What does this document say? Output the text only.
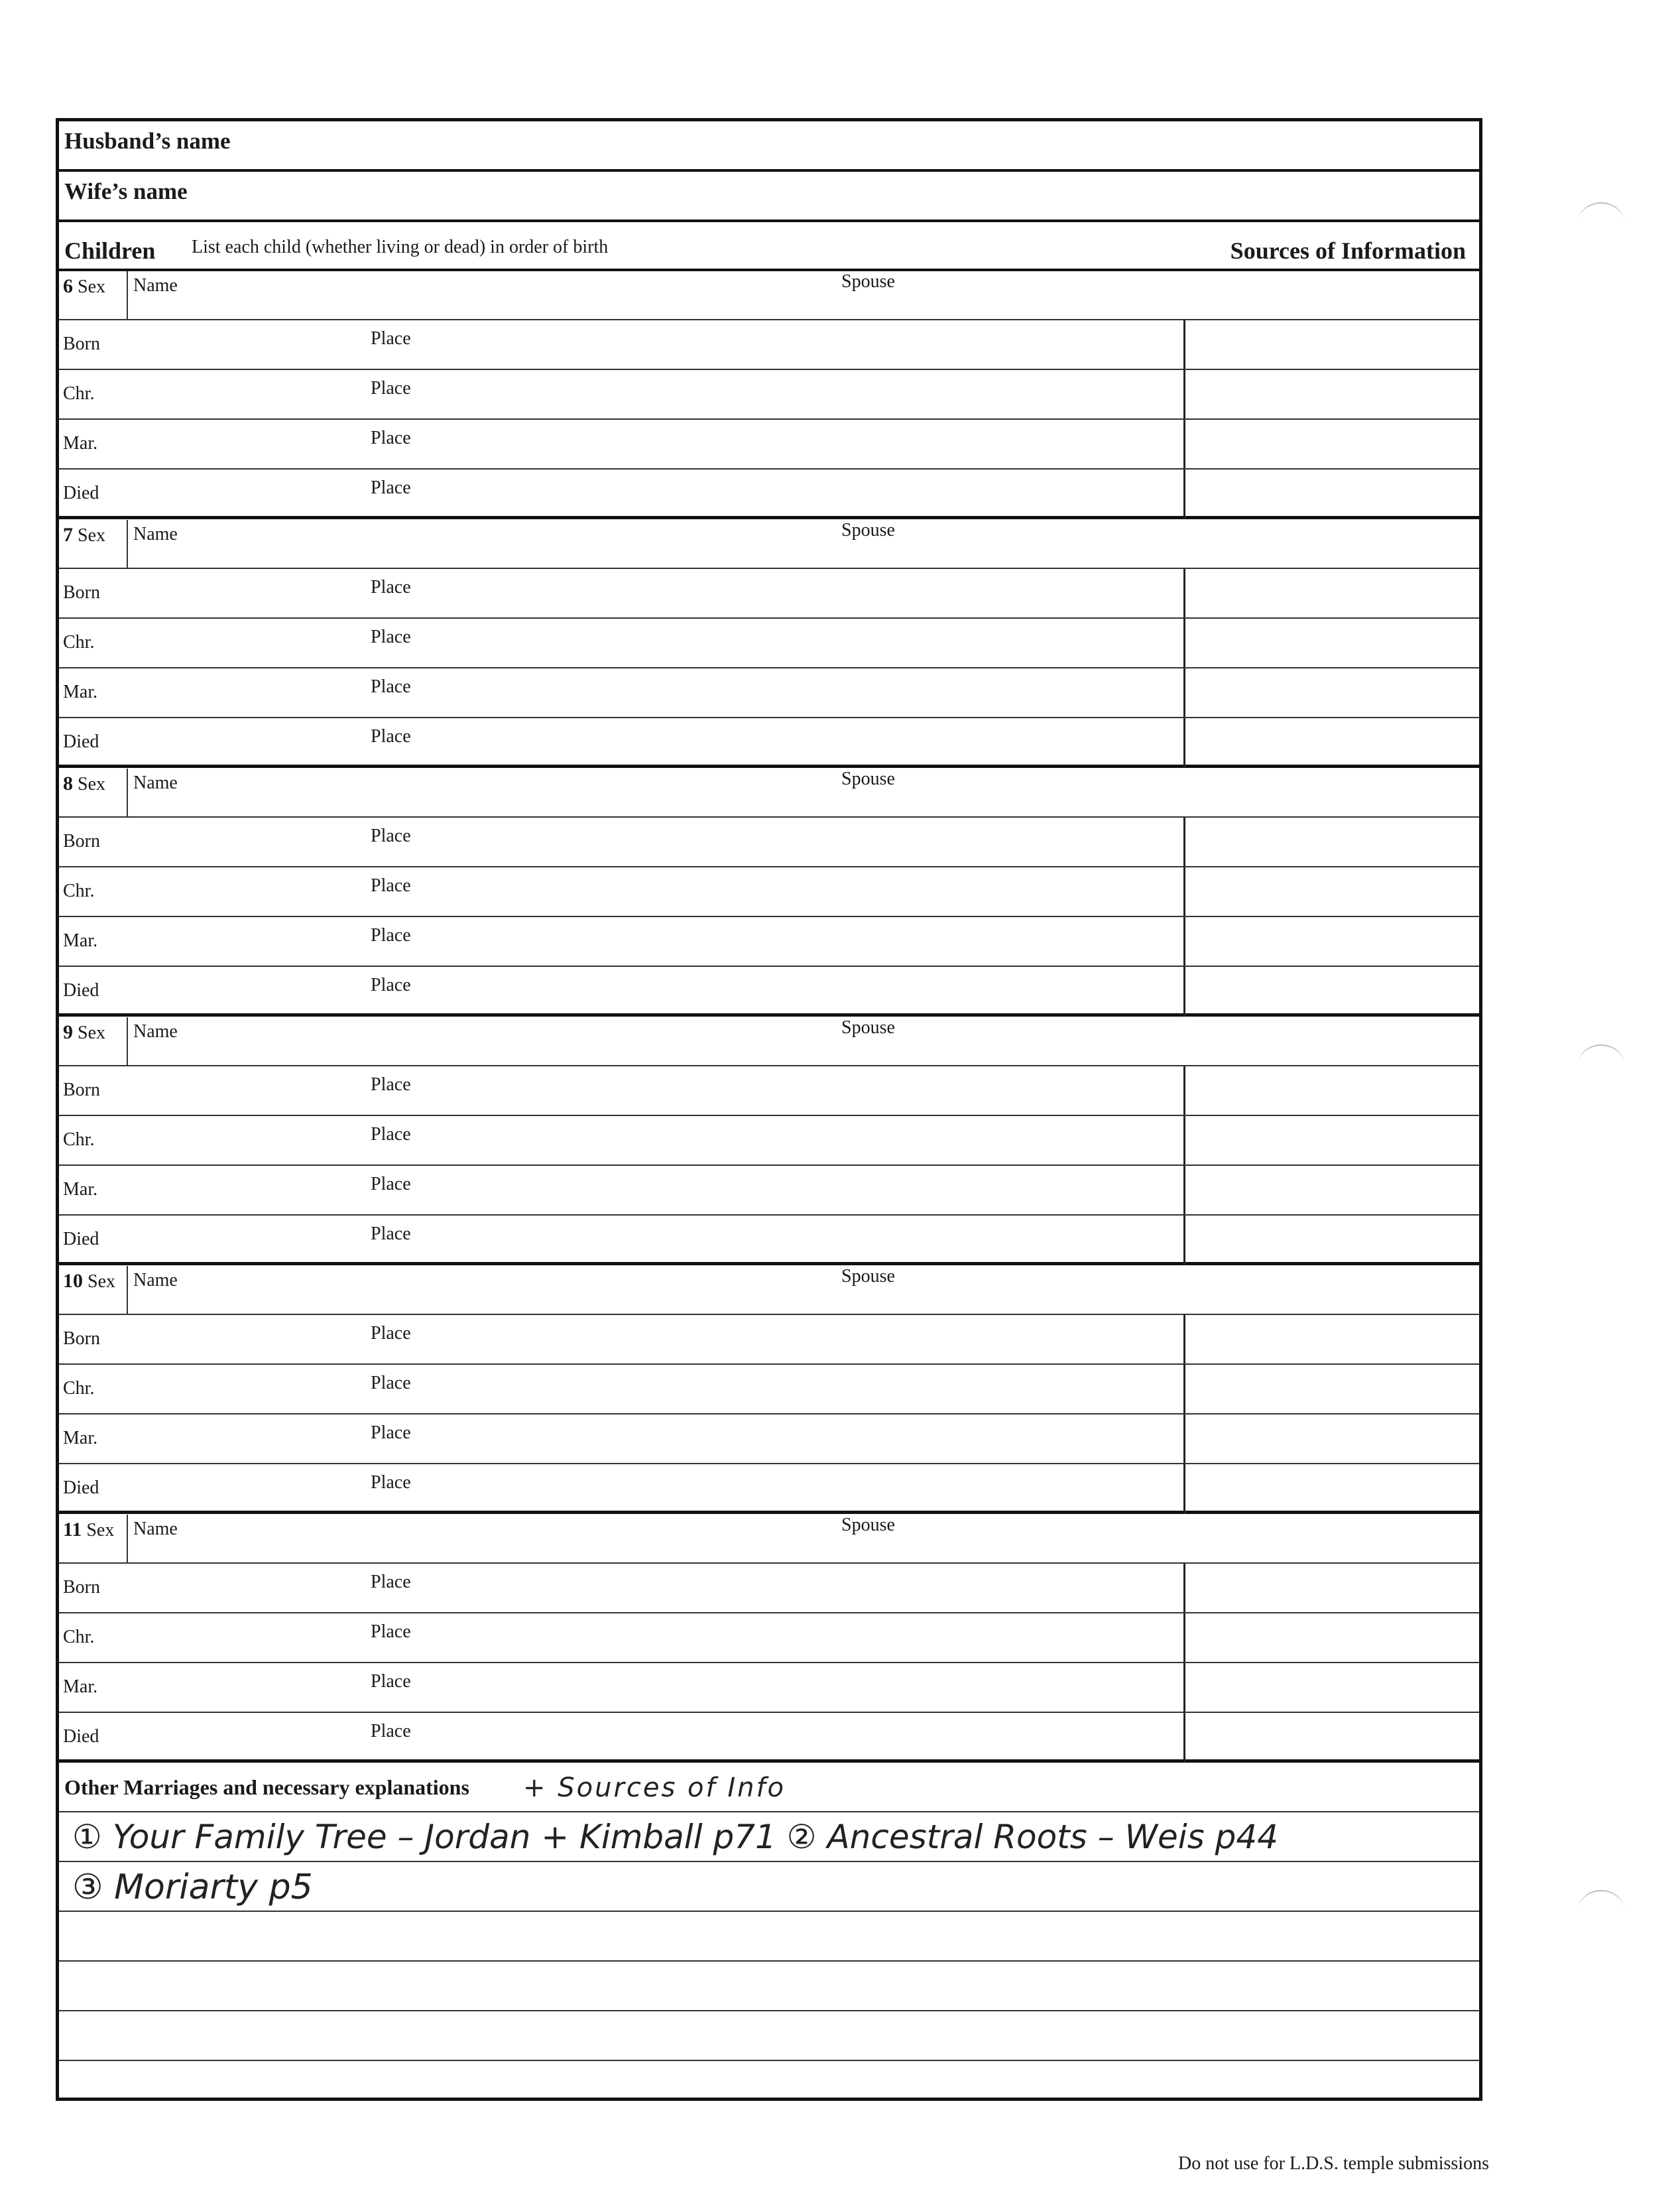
Husband’s name
Wife’s name
Children List each child (whether living or dead) in order of birth	Sources of Information
6 Sex	Name	Spouse
Born	Place
Chr.	Place
Mar.	Place
Died	Place
7 Sex	Name	Spouse
Born	Place
Chr.	Place
Mar.	Place
Died	Place
8 Sex	Name	Spouse
Born	Place
Chr.	Place
Mar.	Place
Died	Place
9 Sex	Name	Spouse
Born	Place
Chr.	Place
Mar.	Place
Died	Place
10 Sex Name	Spouse
Born	Place
Chr.	Place
Mar.	Place
Died	Place
11 Sex	Name	Spouse
Born	Place
Chr.	Place
Mar.	Place
Died	Place
Other Marriages and necessary explanations + Sources of Info
① Your Family Tree – Jordan + Kimball p71 ② Ancestral Roots – Weis p44
③ Moriarty p5
Do not use for L.D.S. temple submissions
